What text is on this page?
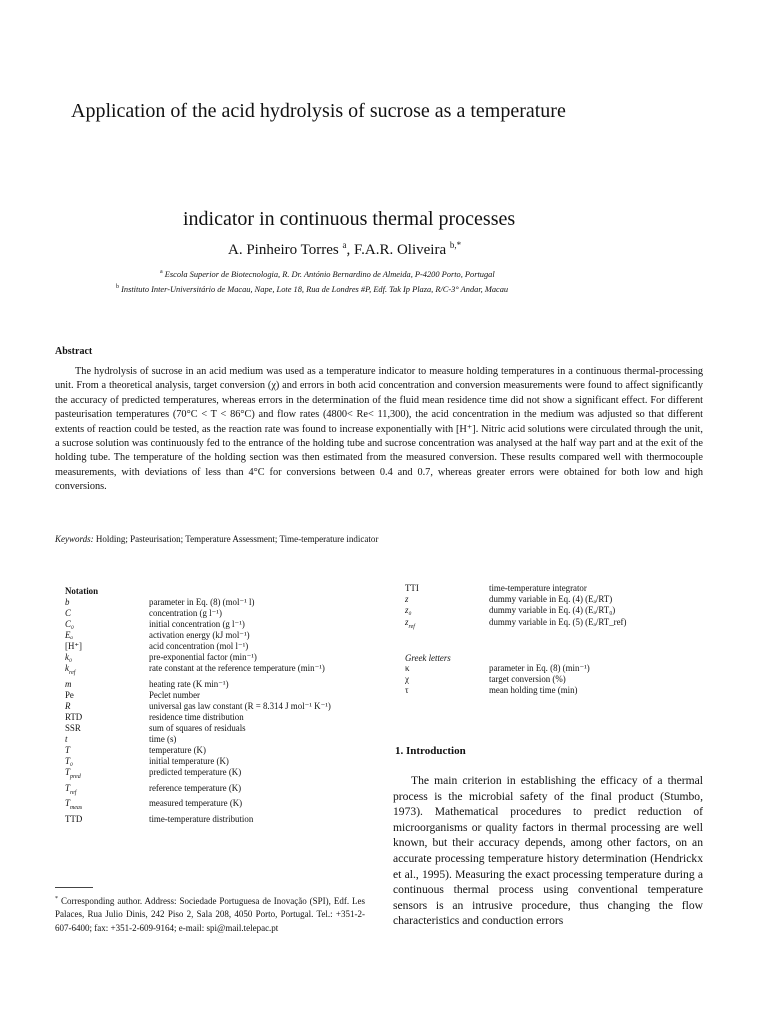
Application of the acid hydrolysis of sucrose as a temperature
indicator in continuous thermal processes
A. Pinheiro Torres $^a$, F.A.R. Oliveira $^{b,*}$
$^a$ Escola Superior de Biotecnologia, R. Dr. António Bernardino de Almeida, P-4200 Porto, Portugal
$^b$ Instituto Inter-Universitário de Macau, Nape, Lote 18, Rua de Londres #P, Edf. Tak Ip Plaza, R/C-3° Andar, Macau
Abstract
The hydrolysis of sucrose in an acid medium was used as a temperature indicator to measure holding temperatures in a continuous thermal-processing unit. From a theoretical analysis, target conversion (χ) and errors in both acid concentration and conversion measurements were found to affect significantly the accuracy of predicted temperatures, whereas errors in the determination of the fluid mean residence time did not show a significant effect. For different pasteurisation temperatures (70°C < T < 86°C) and flow rates (4800< Re< 11,300), the acid concentration in the medium was adjusted so that different extents of reaction could be tested, as the reaction rate was found to increase exponentially with [H⁺]. Nitric acid solutions were circulated through the unit, a sucrose solution was continuously fed to the entrance of the holding tube and sucrose concentration was analysed at the half way part and at the exit of the holding tube. The temperature of the holding section was then estimated from the measured conversion. These results compared well with thermocouple measurements, with deviations of less than 4°C for conversions between 0.4 and 0.7, whereas greater errors were obtained for both low and high conversions.
Keywords: Holding; Pasteurisation; Temperature Assessment; Time-temperature indicator
Notation
b	parameter in Eq. (8) (mol⁻¹ l)
C	concentration (g l⁻¹)
C₀	initial concentration (g l⁻¹)
Eₐ	activation energy (kJ mol⁻¹)
[H⁺]	acid concentration (mol l⁻¹)
k₀	pre-exponential factor (min⁻¹)
$k_{ref}$	rate constant at the reference temperature (min⁻¹)
m	heating rate (K min⁻¹)
Pe	Peclet number
R	universal gas law constant (R = 8.314 J mol⁻¹ K⁻¹)
RTD	residence time distribution
SSR	sum of squares of residuals
t	time (s)
T	temperature (K)
T₀	initial temperature (K)
$T_{pred}$	predicted temperature (K)
$T_{ref}$	reference temperature (K)
$T_{meas}$	measured temperature (K)
TTD	time-temperature distribution
TTI	time-temperature integrator
z	dummy variable in Eq. (4) (Eₐ/RT)
z₀	dummy variable in Eq. (4) (Eₐ/RT₀)
$z_{ref}$	dummy variable in Eq. (5) (Eₐ/RT_ref)
Greek letters
κ	parameter in Eq. (8) (min⁻¹)
χ	target conversion (%)
τ	mean holding time (min)
1. Introduction
The main criterion in establishing the efficacy of a thermal process is the microbial safety of the final product (Stumbo, 1973). Mathematical procedures to predict reduction of microorganisms or quality factors in thermal processing are well known, but their accuracy depends, among other factors, on an accurate processing temperature history determination (Hendrickx et al., 1995). Measuring the exact processing temperature during a continuous thermal process using conventional temperature sensors is an intrusive procedure, thus changing the flow characteristics and conduction errors
* Corresponding author. Address: Sociedade Portuguesa de Inovação (SPI), Edf. Les Palaces, Rua Julio Dinis, 242 Piso 2, Sala 208, 4050 Porto, Portugal. Tel.: +351-2-607-6400; fax: +351-2-609-9164; e-mail: spi@mail.telepac.pt
